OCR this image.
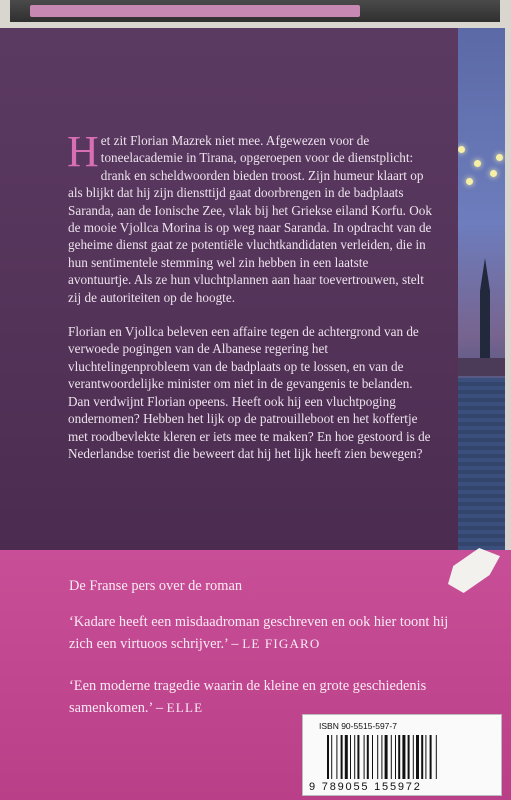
Het zit Florian Mazrek niet mee. Afgewezen voor de toneelacademie in Tirana, opgeroepen voor de dienstplicht: drank en scheldwoorden bieden troost. Zijn humeur klaart op als blijkt dat hij zijn diensttijd gaat doorbrengen in de badplaats Saranda, aan de Ionische Zee, vlak bij het Griekse eiland Korfu. Ook de mooie Vjollca Morina is op weg naar Saranda. In opdracht van de geheime dienst gaat ze potentiële vluchtkandidaten verleiden, die in hun sentimentele stemming wel zin hebben in een laatste avontuurtje. Als ze hun vluchtplannen aan haar toevertrouwen, stelt zij de autoriteiten op de hoogte.

Florian en Vjollca beleven een affaire tegen de achtergrond van de verwoede pogingen van de Albanese regering het vluchtelingenprobleem van de badplaats op te lossen, en van de verantwoordelijke minister om niet in de gevangenis te belanden. Dan verdwijnt Florian opeens. Heeft ook hij een vluchtpoging ondernomen? Hebben het lijk op de patrouilleboot en het koffertje met roodbevlekte kleren er iets mee te maken? En hoe gestoord is de Nederlandse toerist die beweert dat hij het lijk heeft zien bewegen?

De Franse pers over de roman
‘Kadare heeft een misdaadroman geschreven en ook hier toont hij zich een virtuoos schrijver.’ – LE FIGARO
‘Een moderne tragedie waarin de kleine en grote geschiedenis samenkomen.’ – ELLE
ISBN 90-5515-597-7
9 789055 155972
